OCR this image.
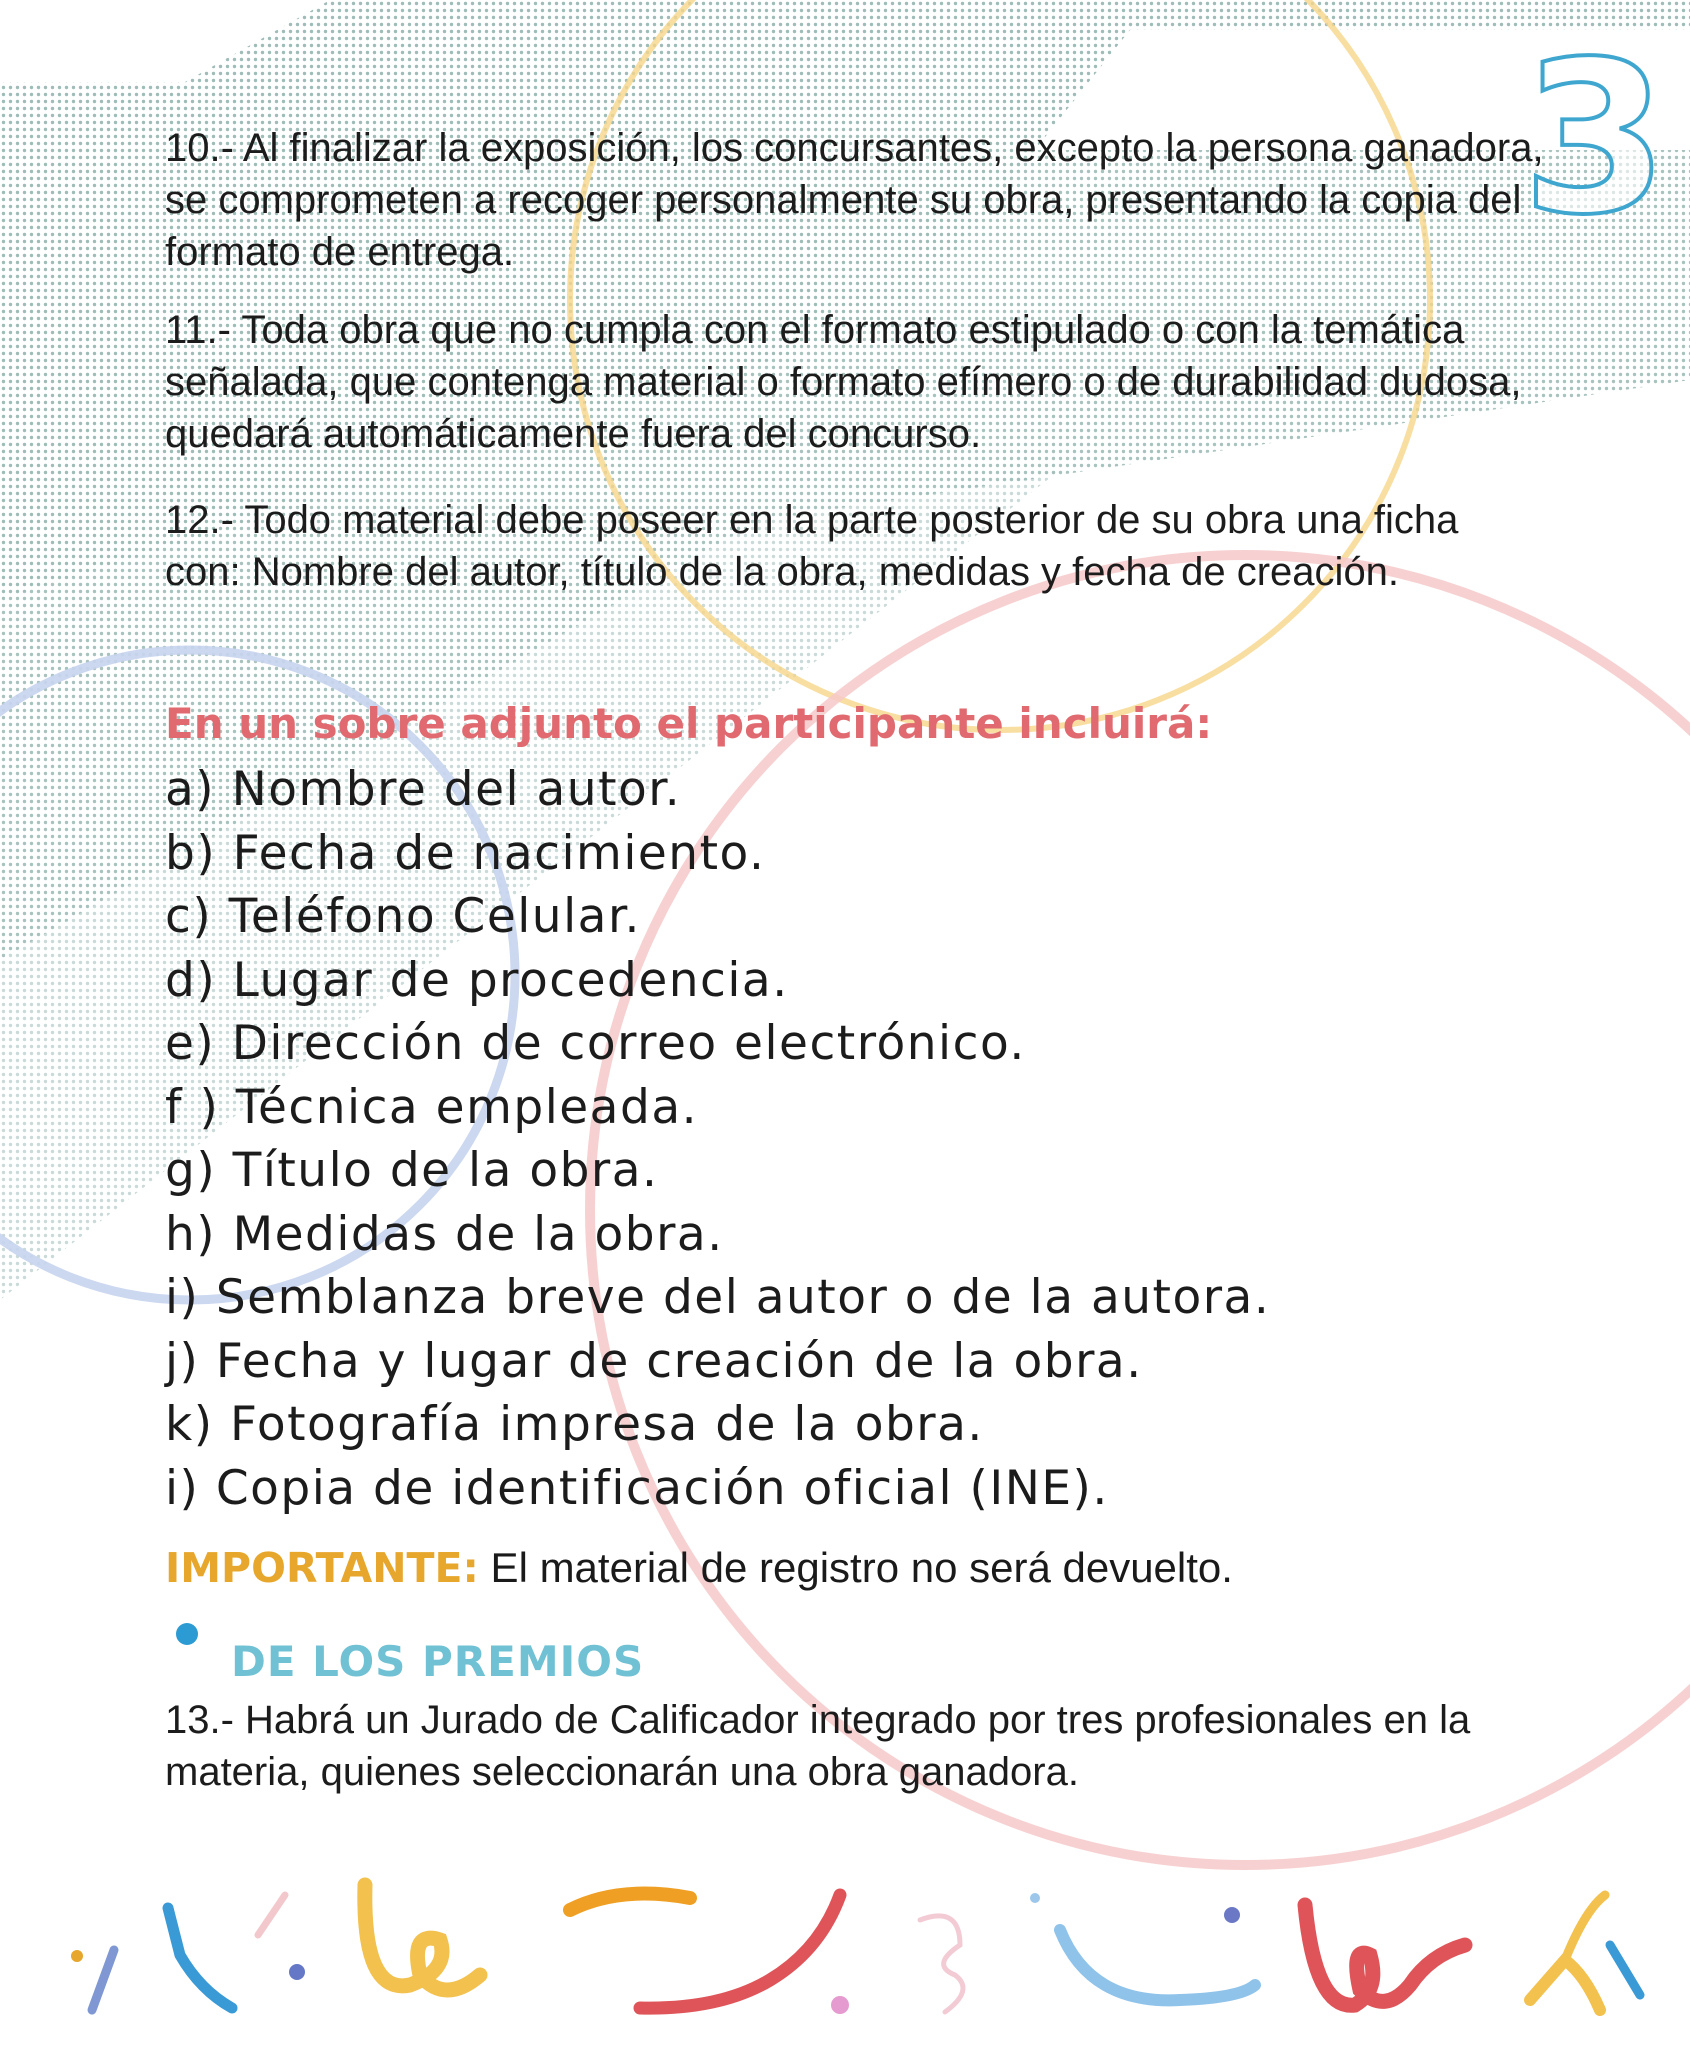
3

10.- Al finalizar la exposición, los concursantes, excepto la persona ganadora, se comprometen a recoger personalmente su obra, presentando la copia del formato de entrega.

11.- Toda obra que no cumpla con el formato estipulado o con la temática señalada, que contenga material o formato efímero o de durabilidad dudosa, quedará automáticamente fuera del concurso.

12.- Todo material debe poseer en la parte posterior de su obra una ficha con: Nombre del autor, título de la obra, medidas y fecha de creación.

En un sobre adjunto el participante incluirá:

a) Nombre del autor.
b) Fecha de nacimiento.
c) Teléfono Celular.
d) Lugar de procedencia.
e) Dirección de correo electrónico.
f ) Técnica empleada.
g) Título de la obra.
h) Medidas de la obra.
i) Semblanza breve del autor o de la autora.
j) Fecha y lugar de creación de la obra.
k) Fotografía impresa de la obra.
i) Copia de identificación oficial (INE).

IMPORTANTE: El material de registro no será devuelto.

DE LOS PREMIOS

13.- Habrá un Jurado de Calificador integrado por tres profesionales en la materia, quienes seleccionarán una obra ganadora.
